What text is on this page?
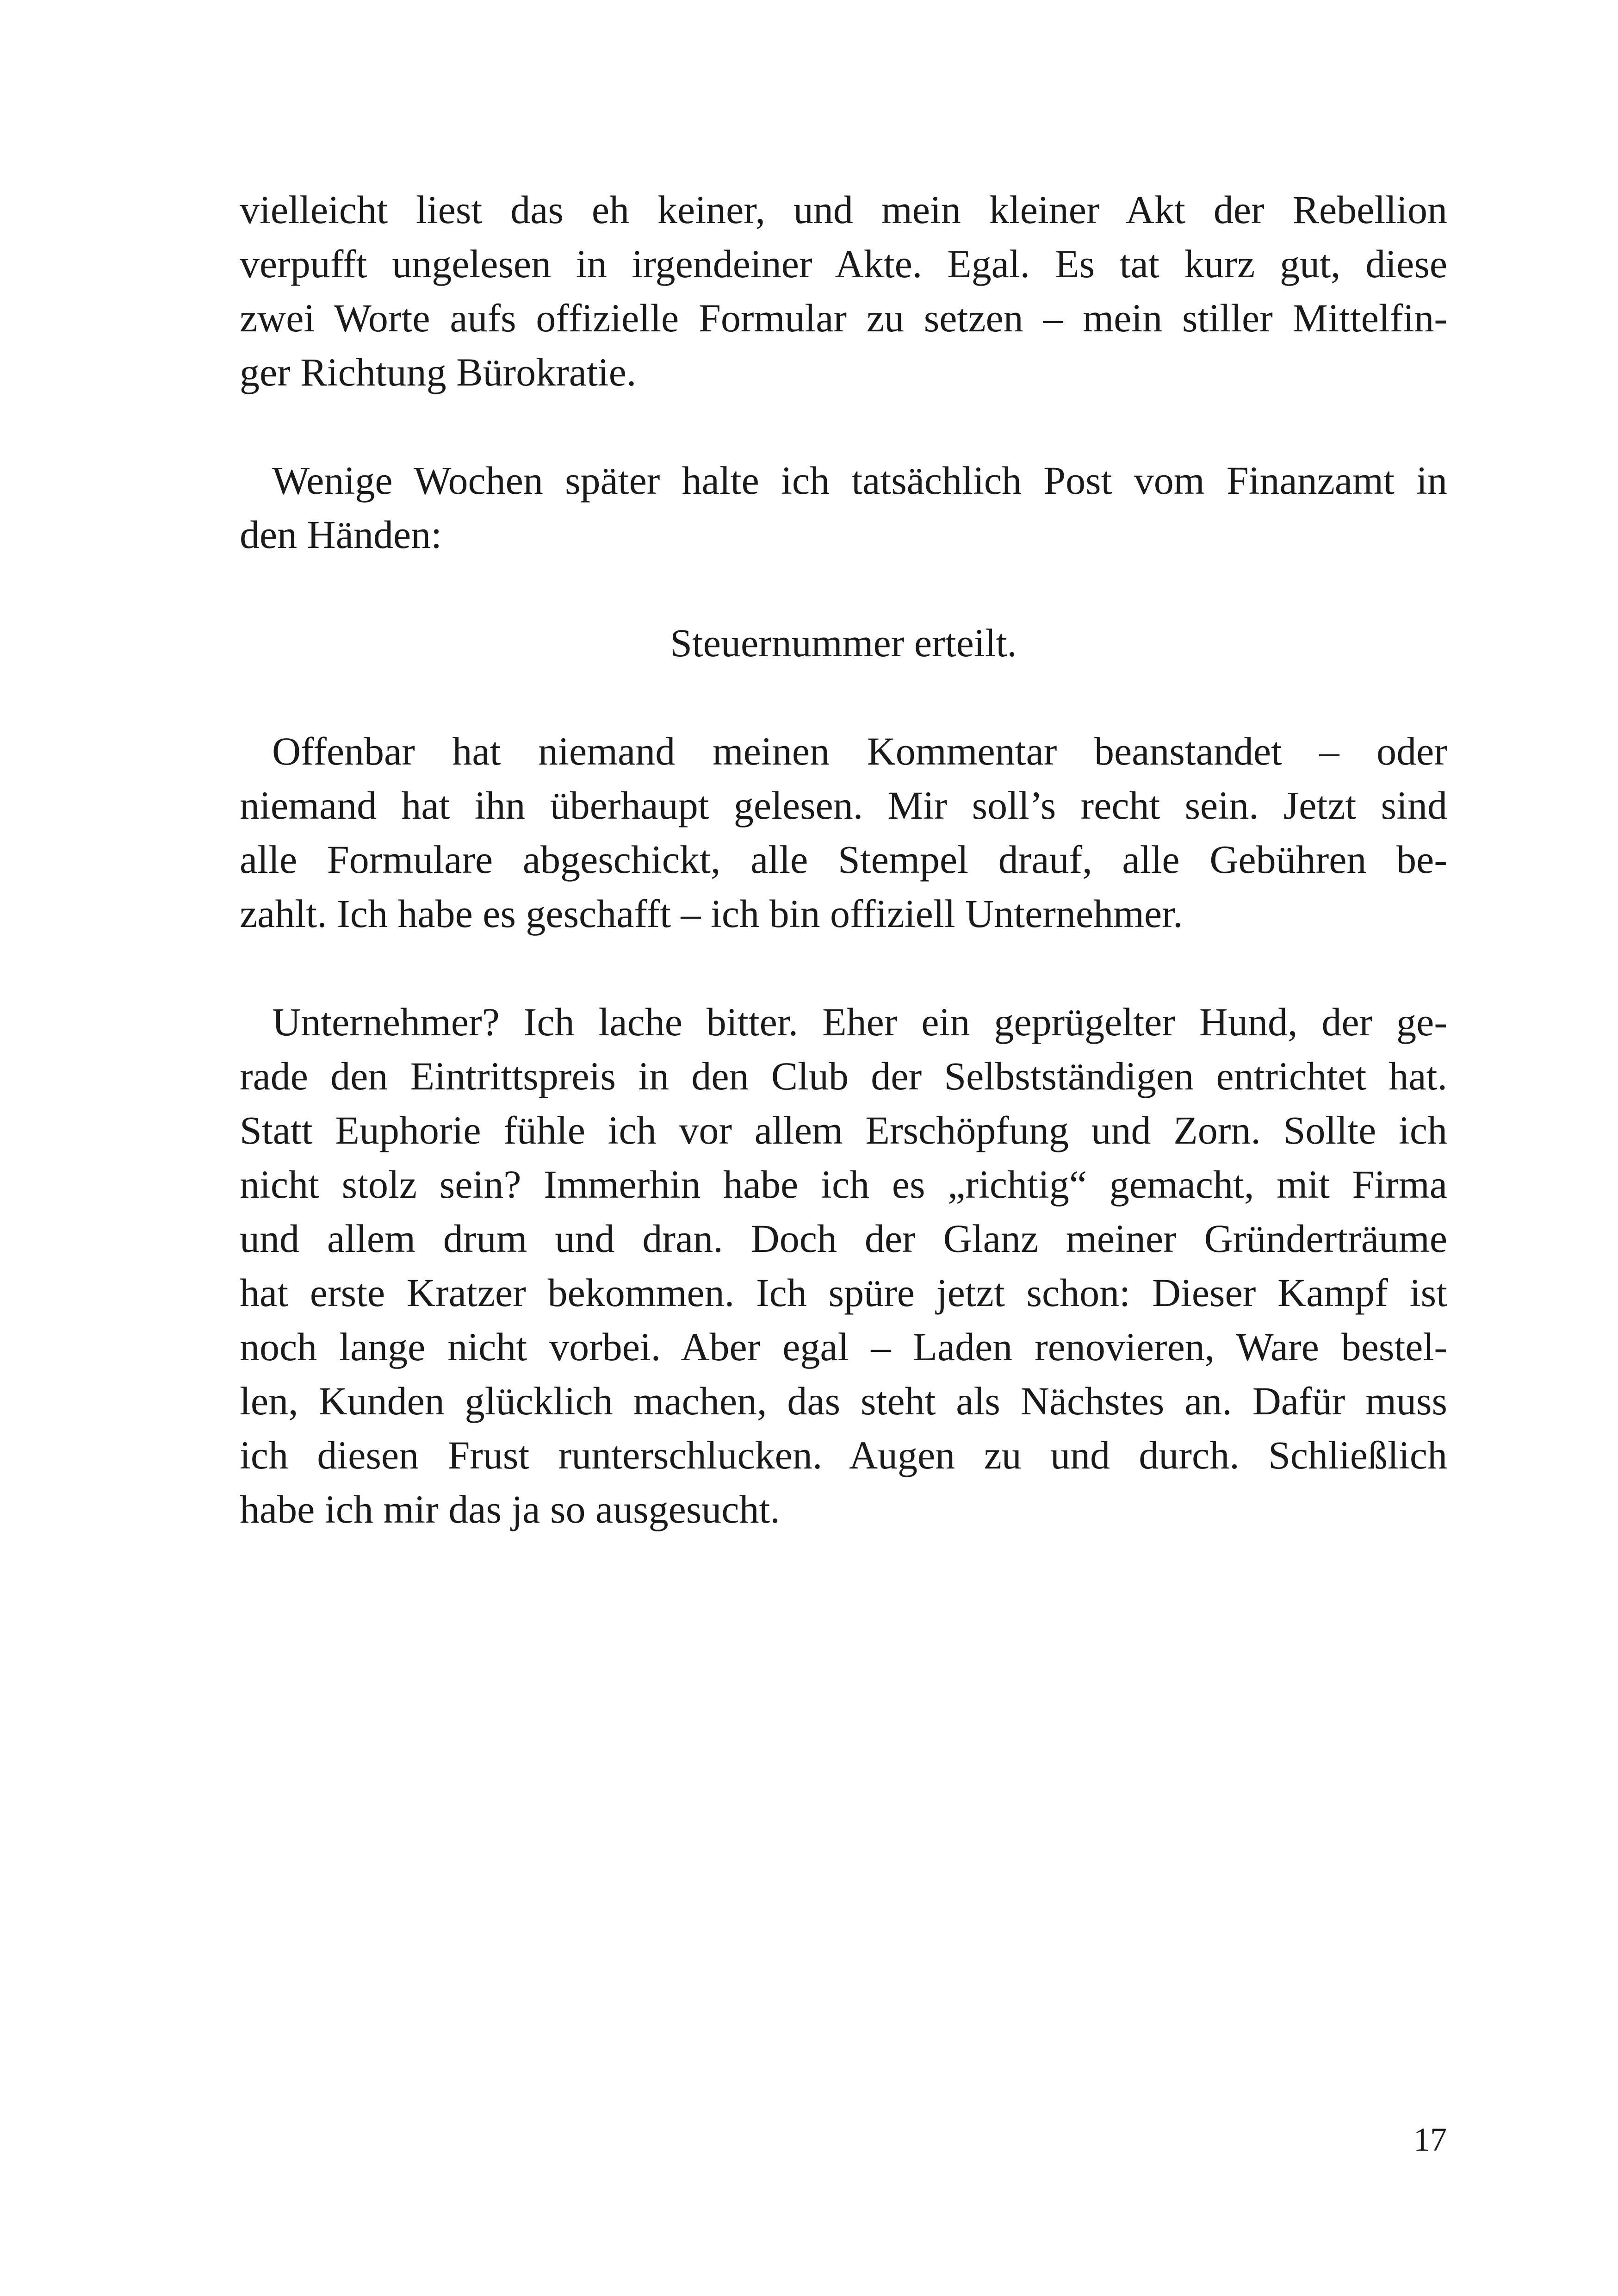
vielleicht liest das eh keiner, und mein kleiner Akt der Rebellion
verpufft ungelesen in irgendeiner Akte. Egal. Es tat kurz gut, diese
zwei Worte aufs offizielle Formular zu setzen – mein stiller Mittelfin-
ger Richtung Bürokratie.

Wenige Wochen später halte ich tatsächlich Post vom Finanzamt in
den Händen:

Steuernummer erteilt.

Offenbar hat niemand meinen Kommentar beanstandet – oder
niemand hat ihn überhaupt gelesen. Mir soll’s recht sein. Jetzt sind
alle Formulare abgeschickt, alle Stempel drauf, alle Gebühren be-
zahlt. Ich habe es geschafft – ich bin offiziell Unternehmer.

Unternehmer? Ich lache bitter. Eher ein geprügelter Hund, der ge-
rade den Eintrittspreis in den Club der Selbstständigen entrichtet hat.
Statt Euphorie fühle ich vor allem Erschöpfung und Zorn. Sollte ich
nicht stolz sein? Immerhin habe ich es „richtig“ gemacht, mit Firma
und allem drum und dran. Doch der Glanz meiner Gründerträume
hat erste Kratzer bekommen. Ich spüre jetzt schon: Dieser Kampf ist
noch lange nicht vorbei. Aber egal – Laden renovieren, Ware bestel-
len, Kunden glücklich machen, das steht als Nächstes an. Dafür muss
ich diesen Frust runterschlucken. Augen zu und durch. Schließlich
habe ich mir das ja so ausgesucht.

17
